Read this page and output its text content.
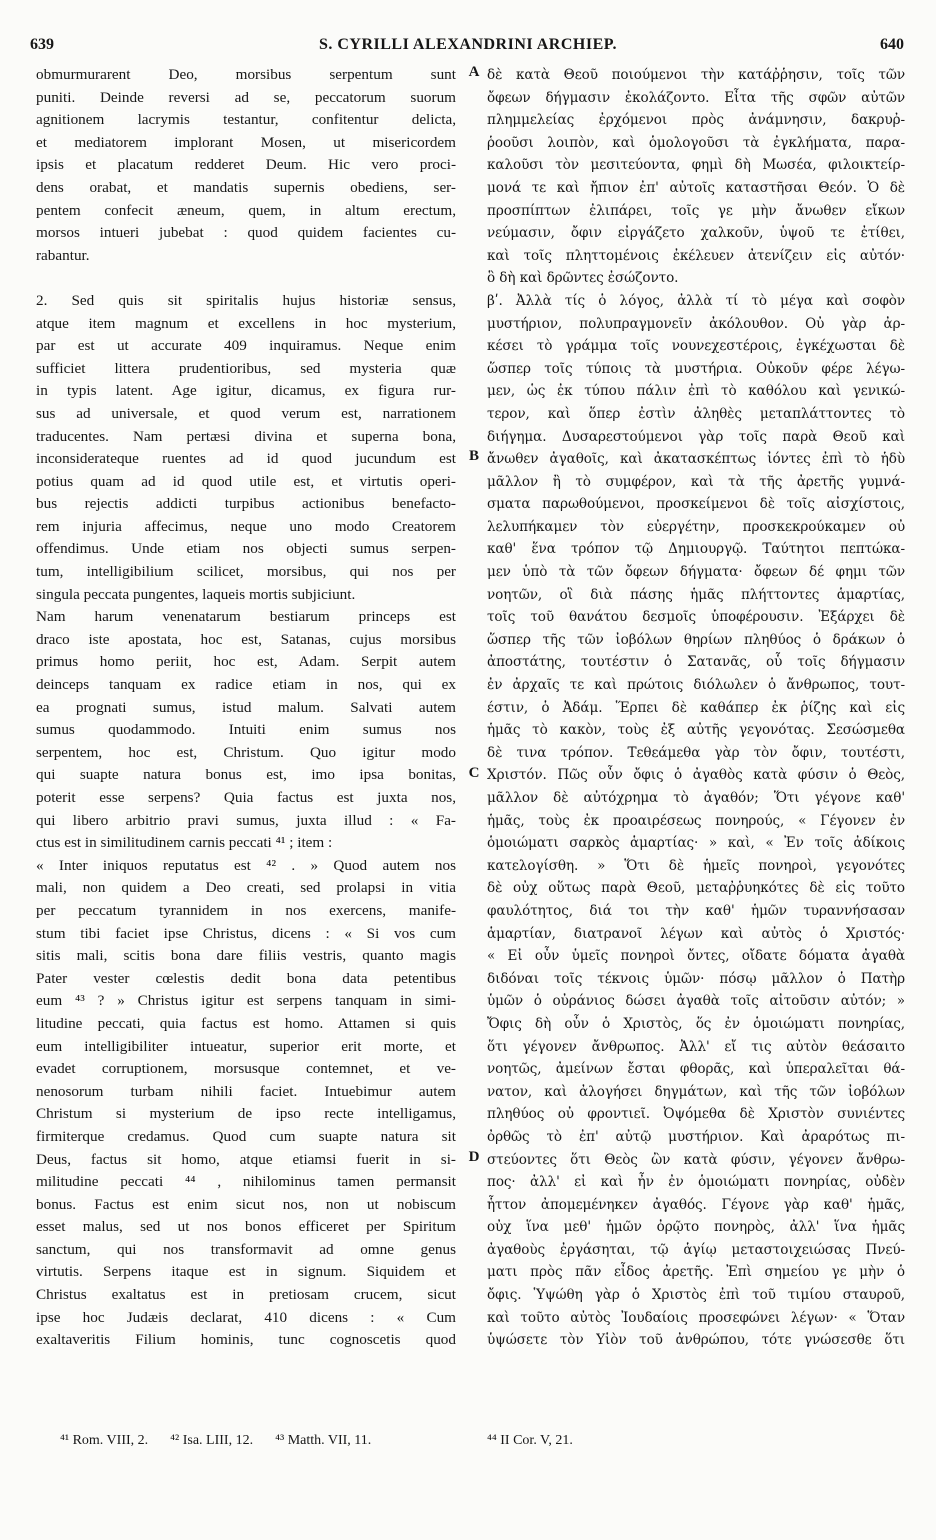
639	S. CYRILLI ALEXANDRINI ARCHIEP.	640
obmurmurarent Deo, morsibus serpentum sunt
puniti. Deinde reversi ad se, peccatorum suorum
agnitionem lacrymis testantur, confitentur delicta,
et mediatorem implorant Mosen, ut misericordem
ipsis et placatum redderet Deum. Hic vero proci-
dens orabat, et mandatis supernis obediens, ser-
pentem confecit æneum, quem, in altum erectum,
morsos intueri jubebat : quod quidem facientes cu-
rabantur.
2. Sed quis sit spiritalis hujus historiæ sensus,
atque item magnum et excellens in hoc mysterium,
par est ut accurate 409 inquiramus. Neque enim
sufficiet littera prudentioribus, sed mysteria quæ
in typis latent. Age igitur, dicamus, ex figura rur-
sus ad universale, et quod verum est, narrationem
traducentes. Nam pertæsi divina et superna bona,
inconsiderateque ruentes ad id quod jucundum est
potius quam ad id quod utile est, et virtutis operi-
bus rejectis addicti turpibus actionibus benefacto-
rem injuria affecimus, neque uno modo Creatorem
offendimus. Unde etiam nos objecti sumus serpen-
tum, intelligibilium scilicet, morsibus, qui nos per
singula peccata pungentes, laqueis mortis subjiciunt.
Nam harum venenatarum bestiarum princeps est
draco iste apostata, hoc est, Satanas, cujus morsibus
primus homo periit, hoc est, Adam. Serpit autem
deinceps tanquam ex radice etiam in nos, qui ex
ea prognati sumus, istud malum. Salvati autem
sumus quodammodo. Intuiti enim sumus nos
serpentem, hoc est, Christum. Quo igitur modo
qui suapte natura bonus est, imo ipsa bonitas,
poterit esse serpens? Quia factus est juxta nos,
qui libero arbitrio pravi sumus, juxta illud : « Fa-
ctus est in similitudinem carnis peccati ⁴¹ ; item :
« Inter iniquos reputatus est ⁴² . » Quod autem nos
mali, non quidem a Deo creati, sed prolapsi in vitia
per peccatum tyrannidem in nos exercens, manife-
stum tibi faciet ipse Christus, dicens : « Si vos cum
sitis mali, scitis bona dare filiis vestris, quanto magis
Pater vester cœlestis dedit bona data petentibus
eum ⁴³ ? » Christus igitur est serpens tanquam in simi-
litudine peccati, quia factus est homo. Attamen si quis
eum intelligibiliter intueatur, superior erit morte, et
evadet corruptionem, morsusque contemnet, et ve-
nenosorum turbam nihili faciet. Intuebimur autem
Christum si mysterium de ipso recte intelligamus,
firmiterque credamus. Quod cum suapte natura sit
Deus, factus sit homo, atque etiamsi fuerit in si-
militudine peccati ⁴⁴ , nihilominus tamen permansit
bonus. Factus est enim sicut nos, non ut nobiscum
esset malus, sed ut nos bonos efficeret per Spiritum
sanctum, qui nos transformavit ad omne genus
virtutis. Serpens itaque est in signum. Siquidem et
Christus exaltatus est in pretiosam crucem, sicut
ipse hoc Judæis declarat, 410 dicens : « Cum
exaltaveritis Filium hominis, tunc cognoscetis quod
δὲ κατὰ Θεοῦ ποιούμενοι τὴν κατάῤῥησιν, τοῖς τῶν
ὄφεων δήγμασιν ἐκολάζοντο. Εἶτα τῆς σφῶν αὐτῶν
πλημμελείας ἐρχόμενοι πρὸς ἀνάμνησιν, δακρυῤ-
ῥοοῦσι λοιπὸν, καὶ ὁμολογοῦσι τὰ ἐγκλήματα, παρα-
καλοῦσι τὸν μεσιτεύοντα, φημὶ δὴ Μωσέα, φιλοικτείρ-
μονά τε καὶ ἤπιον ἐπ' αὐτοῖς καταστῆσαι Θεόν. Ὁ δὲ
προσπίπτων ἐλιπάρει, τοῖς γε μὴν ἄνωθεν εἴκων
νεύμασιν, ὄφιν εἰργάζετο χαλκοῦν, ὑψοῦ τε ἐτίθει,
καὶ τοῖς πληττομένοις ἐκέλευεν ἀτενίζειν εἰς αὐτόν·
ὃ δὴ καὶ δρῶντες ἐσώζοντο.
βʹ. Ἀλλὰ τίς ὁ λόγος, ἀλλὰ τί τὸ μέγα καὶ σοφὸν
μυστήριον, πολυπραγμονεῖν ἀκόλουθον. Οὐ γὰρ ἀρ-
κέσει τὸ γράμμα τοῖς νουνεχεστέροις, ἐγκέχωσται δὲ
ὥσπερ τοῖς τύποις τὰ μυστήρια. Οὐκοῦν φέρε λέγω-
μεν, ὡς ἐκ τύπου πάλιν ἐπὶ τὸ καθόλου καὶ γενικώ-
τερον, καὶ ὅπερ ἐστὶν ἀληθὲς μεταπλάττοντες τὸ
διήγημα. Δυσαρεστούμενοι γὰρ τοῖς παρὰ Θεοῦ καὶ
ἄνωθεν ἀγαθοῖς, καὶ ἀκατασκέπτως ἰόντες ἐπὶ τὸ ἡδὺ
μᾶλλον ἢ τὸ συμφέρον, καὶ τὰ τῆς ἀρετῆς γυμνά-
σματα παρωθούμενοι, προσκείμενοι δὲ τοῖς αἰσχίστοις,
λελυπήκαμεν τὸν εὐεργέτην, προσκεκρούκαμεν οὐ
καθ' ἕνα τρόπον τῷ Δημιουργῷ. Ταύτητοι πεπτώκα-
μεν ὑπὸ τὰ τῶν ὄφεων δήγματα· ὄφεων δέ φημι τῶν
νοητῶν, οἳ διὰ πάσης ἡμᾶς πλήττοντες ἁμαρτίας,
τοῖς τοῦ θανάτου δεσμοῖς ὑποφέρουσιν. Ἐξάρχει δὲ
ὥσπερ τῆς τῶν ἰοβόλων θηρίων πληθύος ὁ δράκων ὁ
ἀποστάτης, τουτέστιν ὁ Σατανᾶς, οὗ τοῖς δήγμασιν
ἐν ἀρχαῖς τε καὶ πρώτοις διόλωλεν ὁ ἄνθρωπος, τουτ-
έστιν, ὁ Ἀδάμ. Ἕρπει δὲ καθάπερ ἐκ ῥίζης καὶ εἰς
ἡμᾶς τὸ κακὸν, τοὺς ἐξ αὐτῆς γεγονότας. Σεσώσμεθα
δὲ τινα τρόπον. Τεθεάμεθα γὰρ τὸν ὄφιν, τουτέστι,
Χριστόν. Πῶς οὖν ὄφις ὁ ἀγαθὸς κατὰ φύσιν ὁ Θεὸς,
μᾶλλον δὲ αὐτόχρημα τὸ ἀγαθόν; Ὅτι γέγονε καθ'
ἡμᾶς, τοὺς ἐκ προαιρέσεως πονηρούς, « Γέγονεν ἐν
ὁμοιώματι σαρκὸς ἁμαρτίας· » καὶ, « Ἐν τοῖς ἀδίκοις
κατελογίσθη. » Ὅτι δὲ ἡμεῖς πονηροὶ, γεγονότες
δὲ οὐχ οὕτως παρὰ Θεοῦ, μεταῤῥυηκότες δὲ εἰς τοῦτο
φαυλότητος, διά τοι τὴν καθ' ἡμῶν τυραννήσασαν
ἁμαρτίαν, διατρανοῖ λέγων καὶ αὐτὸς ὁ Χριστός·
« Εἰ οὖν ὑμεῖς πονηροὶ ὄντες, οἴδατε δόματα ἀγαθὰ
διδόναι τοῖς τέκνοις ὑμῶν· πόσῳ μᾶλλον ὁ Πατὴρ
ὑμῶν ὁ οὐράνιος δώσει ἀγαθὰ τοῖς αἰτοῦσιν αὐτόν; »
Ὄφις δὴ οὖν ὁ Χριστὸς, ὅς ἐν ὁμοιώματι πονηρίας,
ὅτι γέγονεν ἄνθρωπος. Ἀλλ' εἴ τις αὐτὸν θεάσαιτο
νοητῶς, ἀμείνων ἔσται φθορᾶς, καὶ ὑπεραλεῖται θά-
νατον, καὶ ἀλογήσει δηγμάτων, καὶ τῆς τῶν ἰοβόλων
πληθύος οὐ φροντιεῖ. Ὀψόμεθα δὲ Χριστὸν συνιέντες
ὀρθῶς τὸ ἐπ' αὐτῷ μυστήριον. Καὶ ἀραρότως πι-
στεύοντες ὅτι Θεὸς ὢν κατὰ φύσιν, γέγονεν ἄνθρω-
πος· ἀλλ' εἰ καὶ ἦν ἐν ὁμοιώματι πονηρίας, οὐδὲν
ἧττον ἀπομεμένηκεν ἀγαθός. Γέγονε γὰρ καθ' ἡμᾶς,
οὐχ ἵνα μεθ' ἡμῶν ὀρῷτο πονηρὸς, ἀλλ' ἵνα ἡμᾶς
ἀγαθοὺς ἐργάσηται, τῷ ἁγίῳ μεταστοιχειώσας Πνεύ-
ματι πρὸς πᾶν εἶδος ἀρετῆς. Ἐπὶ σημείου γε μὴν ὁ
ὄφις. Ὑψώθη γὰρ ὁ Χριστὸς ἐπὶ τοῦ τιμίου σταυροῦ,
καὶ τοῦτο αὐτὸς Ἰουδαίοις προσεφώνει λέγων· « Ὅταν
ὑψώσετε τὸν Υἱὸν τοῦ ἀνθρώπου, τότε γνώσεσθε ὅτι
A
B
C
D
⁴¹ Rom. VIII, 2. ⁴² Isa. LIII, 12. ⁴³ Matth. VII, 11.	⁴⁴ II Cor. V, 21.
